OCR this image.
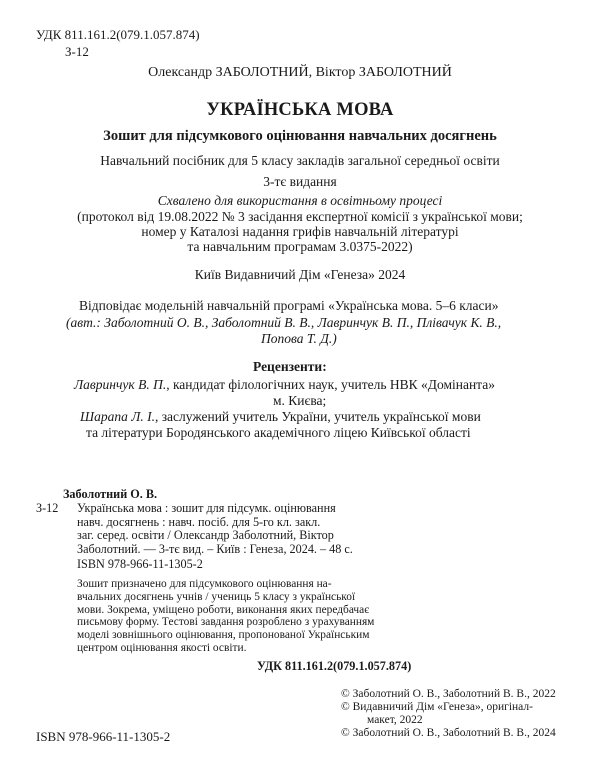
УДК 811.161.2(079.1.057.874)
З-12
Олександр ЗАБОЛОТНИЙ, Віктор ЗАБОЛОТНИЙ
УКРАЇНСЬКА МОВА
Зошит для підсумкового оцінювання навчальних досягнень
Навчальний посібник для 5 класу закладів загальної середньої освіти
3-тє видання
Схвалено для використання в освітньому процесі
(протокол від 19.08.2022 № 3 засідання експертної комісії з української мови;
номер у Каталозі надання грифів навчальній літературі
та навчальним програмам 3.0375-2022)
Київ Видавничий Дім «Генеза» 2024
Відповідає модельній навчальній програмі «Українська мова. 5–6 класи»
(авт.: Заболотний О. В., Заболотний В. В., Лавринчук В. П., Плівачук К. В.,
Попова Т. Д.)
Рецензенти:
Лавринчук В. П., кандидат філологічних наук, учитель НВК «Домінанта»
м. Києва;
Шарапа Л. І., заслужений учитель України, учитель української мови
та літератури Бородянського академічного ліцею Київської області
Заболотний О. В.
З-12 Українська мова : зошит для підсумк. оцінювання
навч. досягнень : навч. посіб. для 5-го кл. закл.
заг. серед. освіти / Олександр Заболотний, Віктор
Заболотний. — 3-тє вид. – Київ : Генеза, 2024. – 48 с.
ISBN 978-966-11-1305-2
Зошит призначено для підсумкового оцінювання на-
вчальних досягнень учнів / учениць 5 класу з української
мови. Зокрема, уміщено роботи, виконання яких передбачає
письмову форму. Тестові завдання розроблено з урахуванням
моделі зовнішнього оцінювання, пропонованої Українським
центром оцінювання якості освіти.
УДК 811.161.2(079.1.057.874)
ISBN 978-966-11-1305-2
© Заболотний О. В., Заболотний В. В., 2022
© Видавничий Дім «Генеза», оригінал-
макет, 2022
© Заболотний О. В., Заболотний В. В., 2024
